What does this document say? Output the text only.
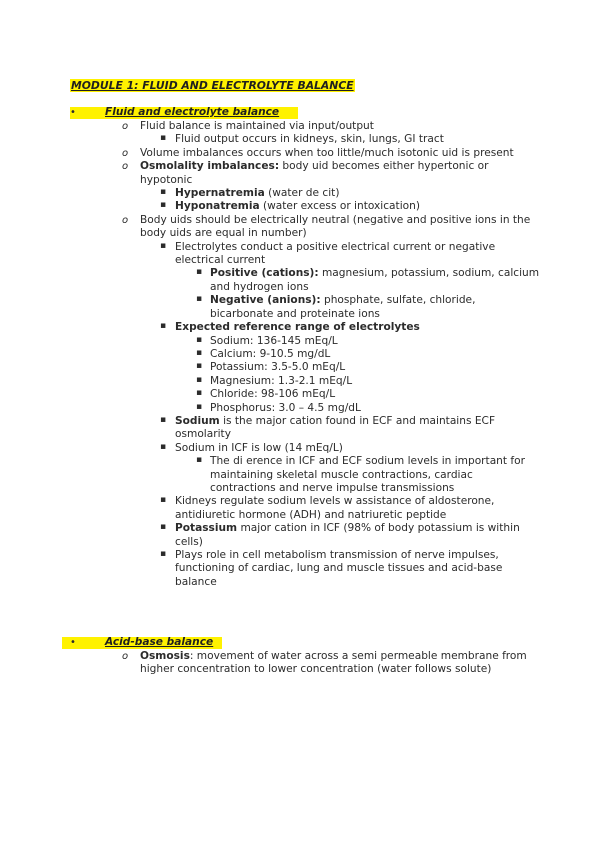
MODULE 1: FLUID AND ELECTROLYTE BALANCE
•	Fluid and electrolyte balance
o Fluid balance is maintained via input/output
▪ Fluid output occurs in kidneys, skin, lungs, GI tract
o Volume imbalances occurs when too little/much isotonic uid is present
o Osmolality imbalances: body uid becomes either hypertonic or hypotonic
▪ Hypernatremia (water de cit)
▪ Hyponatremia (water excess or intoxication)
o Body uids should be electrically neutral (negative and positive ions in the body uids are equal in number)
▪ Electrolytes conduct a positive electrical current or negative electrical current
▪ Positive (cations): magnesium, potassium, sodium, calcium and hydrogen ions
▪ Negative (anions): phosphate, sulfate, chloride, bicarbonate and proteinate ions
▪ Expected reference range of electrolytes
▪ Sodium: 136-145 mEq/L
▪ Calcium: 9-10.5 mg/dL
▪ Potassium: 3.5-5.0 mEq/L
▪ Magnesium: 1.3-2.1 mEq/L
▪ Chloride: 98-106 mEq/L
▪ Phosphorus: 3.0 – 4.5 mg/dL
▪ Sodium is the major cation found in ECF and maintains ECF osmolarity
▪ Sodium in ICF is low (14 mEq/L)
▪ The di erence in ICF and ECF sodium levels in important for maintaining skeletal muscle contractions, cardiac contractions and nerve impulse transmissions
▪ Kidneys regulate sodium levels w assistance of aldosterone, antidiuretic hormone (ADH) and natriuretic peptide
▪ Potassium major cation in ICF (98% of body potassium is within cells)
▪ Plays role in cell metabolism transmission of nerve impulses, functioning of cardiac, lung and muscle tissues and acid-base balance
•	Acid-base balance
o Osmosis: movement of water across a semi permeable membrane from higher concentration to lower concentration (water follows solute)
